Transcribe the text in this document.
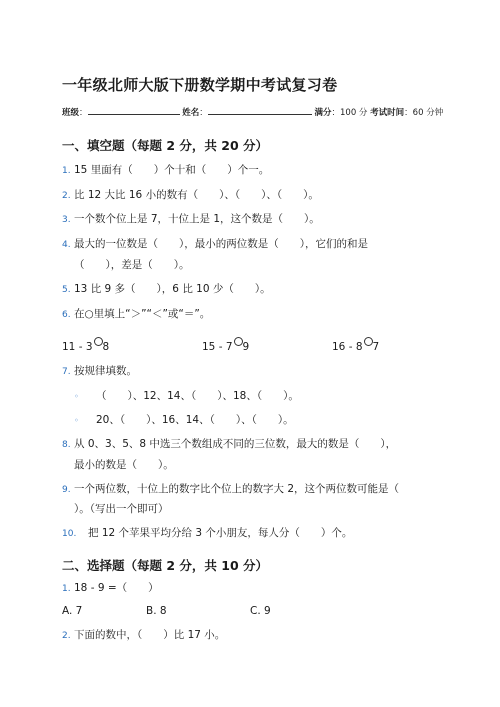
一年级北师大版下册数学期中考试复习卷
班级：	姓名：	满分：100 分 考试时间：60 分钟
一、填空题（每题 2 分，共 20 分）
1. 15 里面有（　　）个十和（　　）个一。
2. 比 12 大比 16 小的数有（　　）、（　　）、（　　）。
3. 一个数个位上是 7，十位上是 1，这个数是（　　）。
4. 最大的一位数是（　　），最小的两位数是（　　），它们的和是
（　　），差是（　　）。
5. 13 比 9 多（　　），6 比 10 少（　　）。
6. 在○里填上“＞”“＜”或“＝”。
11 - 3 8	15 - 7 9	16 - 8 7
7. 按规律填数。
◦ （　　）、12、14、（　　）、18、（　　）。
◦ 20、（　　）、16、14、（　　）、（　　）。
8. 从 0、3、5、8 中选三个数组成不同的三位数，最大的数是（　　），
最小的数是（　　）。
9. 一个两位数，十位上的数字比个位上的数字大 2，这个两位数可能是（
）。（写出一个即可）
10. 把 12 个苹果平均分给 3 个小朋友，每人分（　　）个。
二、选择题（每题 2 分，共 10 分）
1. 18 - 9 =（　　）
A. 7	B. 8	C. 9
2. 下面的数中，（　　）比 17 小。
